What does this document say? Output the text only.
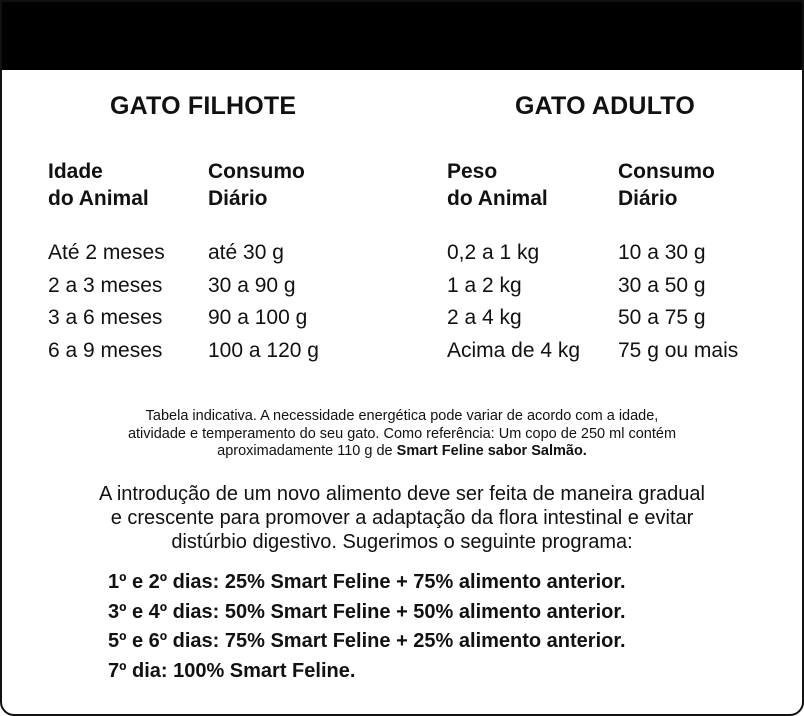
GATO FILHOTE	GATO ADULTO
Idade
do Animal
Até 2 meses
2 a 3 meses
3 a 6 meses
6 a 9 meses
Consumo
Diário
até 30 g
30 a 90 g
90 a 100 g
100 a 120 g
Peso
do Animal
0,2 a 1 kg
1 a 2 kg
2 a 4 kg
Acima de 4 kg
Consumo
Diário
10 a 30 g
30 a 50 g
50 a 75 g
75 g ou mais
Tabela indicativa. A necessidade energética pode variar de acordo com a idade,
atividade e temperamento do seu gato. Como referência: Um copo de 250 ml contém
aproximadamente 110 g de Smart Feline sabor Salmão.
A introdução de um novo alimento deve ser feita de maneira gradual
e crescente para promover a adaptação da flora intestinal e evitar
distúrbio digestivo. Sugerimos o seguinte programa:
1º e 2º dias: 25% Smart Feline + 75% alimento anterior.
3º e 4º dias: 50% Smart Feline + 50% alimento anterior.
5º e 6º dias: 75% Smart Feline + 25% alimento anterior.
7º dia: 100% Smart Feline.
